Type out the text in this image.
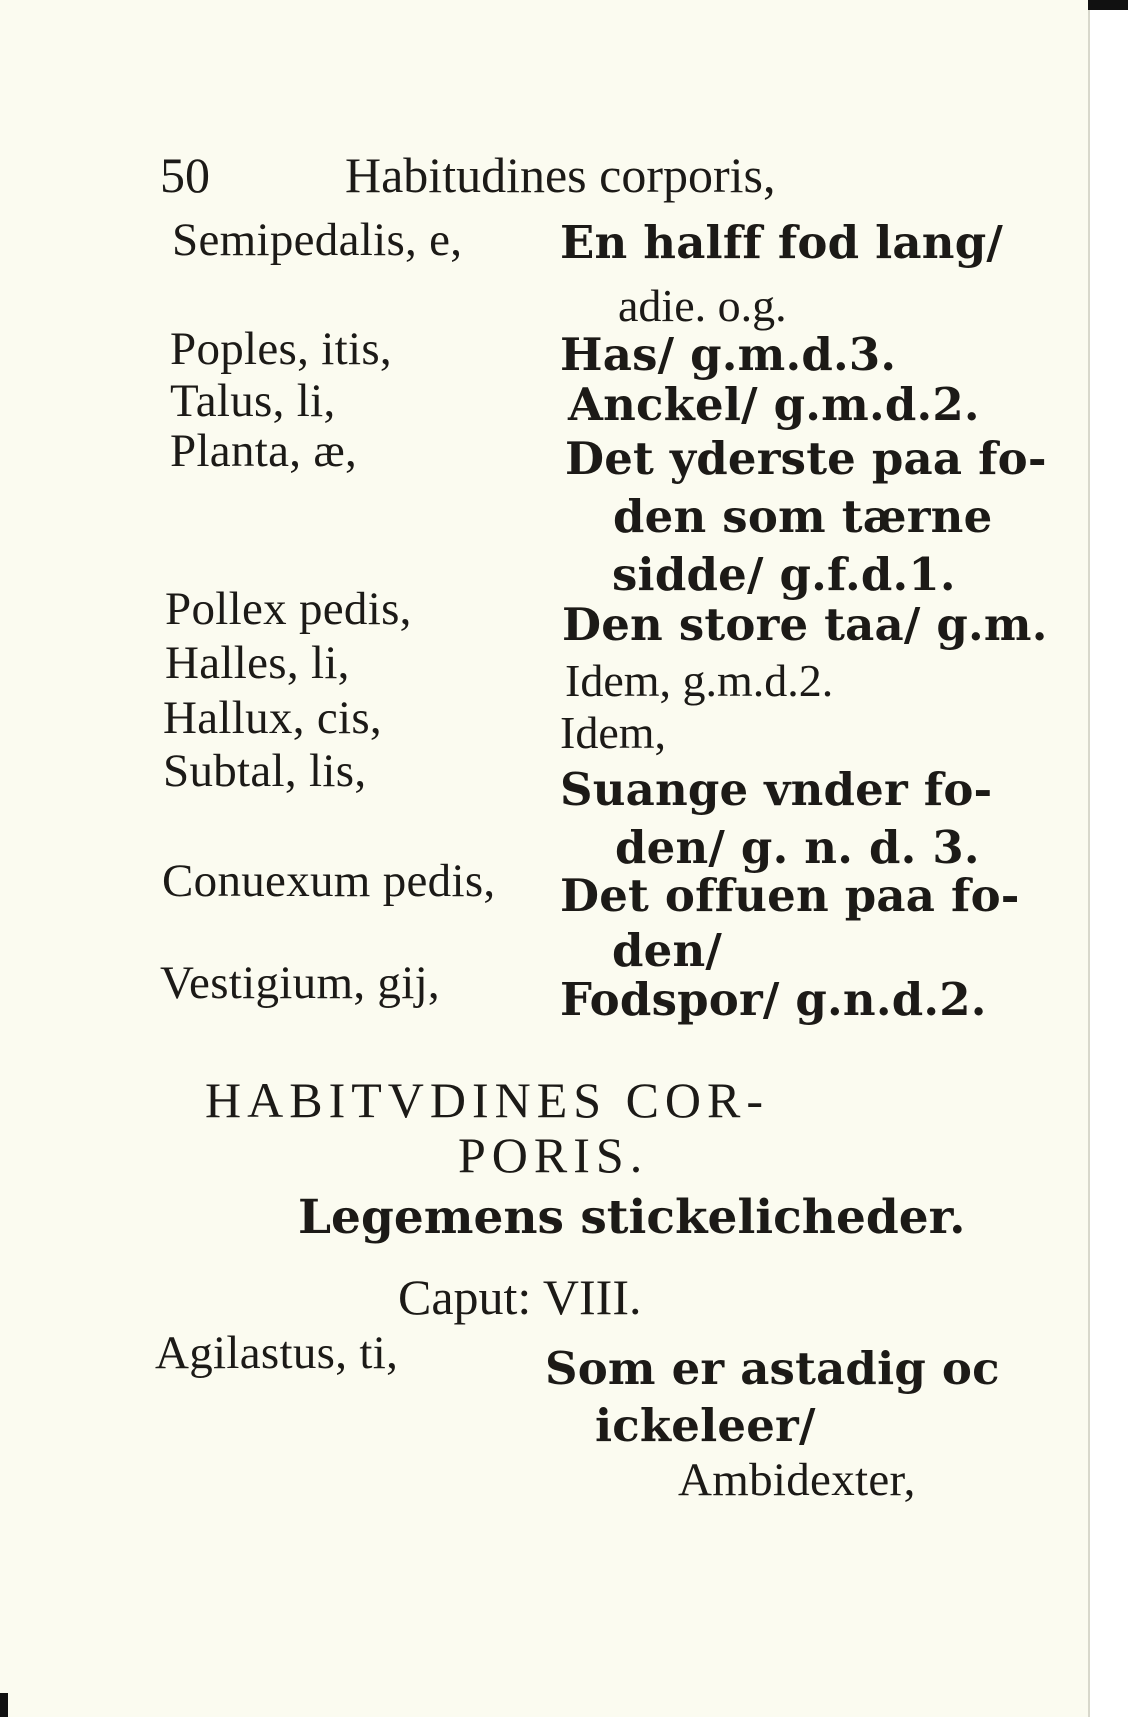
50	Habitudines corporis,
Semipedalis, e, En halff fod lang/
adie. o.g.
Poples, itis,	Has/ g.m.d.3.
Talus, li,	Anckel/ g.m.d.2.
Planta, æ,	Det yderste paa fo-
den som tærne
sidde/ g.f.d.1.
Pollex pedis,	Den store taa/ g.m.
Halles, li,	Idem, g.m.d.2.
Hallux, cis,	Idem,
Subtal, lis,	Suange vnder fo-
den/ g. n. d. 3.
Conuexum pedis, Det offuen paa fo-
den/
Vestigium, gij,	Fodspor/ g.n.d.2.
HABITVDINES COR-
PORIS.
Legemens stickelicheder.
Caput: VIII.
Agilastus, ti,	Som er astadig oc
ickeleer/
Ambidexter,
